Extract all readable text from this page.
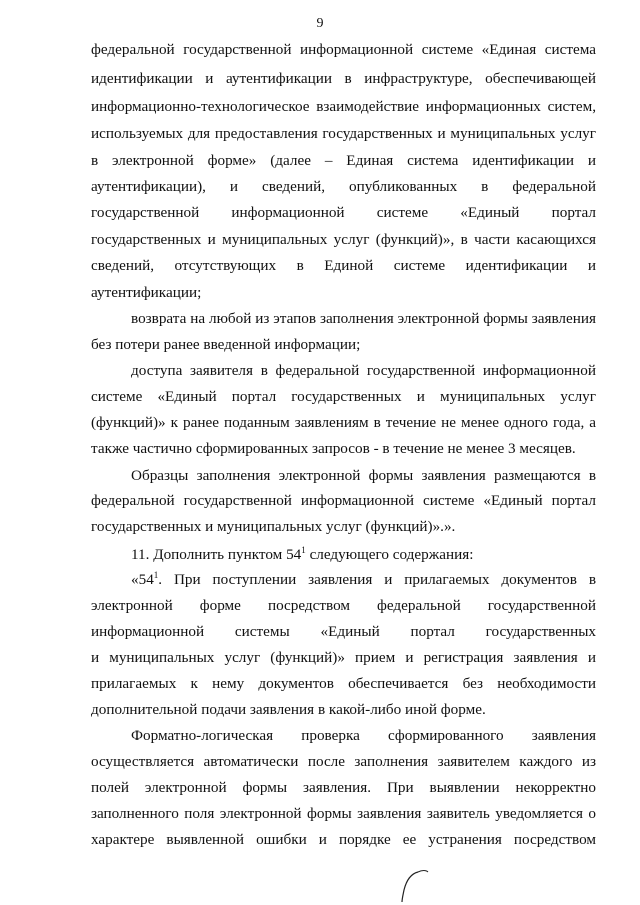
9
федеральной государственной информационной системе «Единая система
идентификации и аутентификации в инфраструктуре, обеспечивающей
информационно-технологическое взаимодействие информационных систем,
используемых для предоставления государственных и муниципальных услуг
в электронной форме» (далее – Единая система идентификации и
аутентификации), и сведений, опубликованных в федеральной
государственной информационной системе «Единый портал
государственных и муниципальных услуг (функций)», в части касающихся
сведений, отсутствующих в Единой системе идентификации и
аутентификации;
возврата на любой из этапов заполнения электронной формы заявления
без потери ранее введенной информации;
доступа заявителя в федеральной государственной информационной
системе «Единый портал государственных и муниципальных услуг
(функций)» к ранее поданным заявлениям в течение не менее одного года, а
также частично сформированных запросов - в течение не менее 3 месяцев.
Образцы заполнения электронной формы заявления размещаются в
федеральной государственной информационной системе «Единый портал
государственных и муниципальных услуг (функций)».».
11. Дополнить пунктом $54^1$ следующего содержания:
«$54^1$. При поступлении заявления и прилагаемых документов в
электронной форме посредством федеральной государственной
информационной системы «Единый портал государственных
и муниципальных услуг (функций)» прием и регистрация заявления и
прилагаемых к нему документов обеспечивается без необходимости
дополнительной подачи заявления в какой-либо иной форме.
Форматно-логическая проверка сформированного заявления
осуществляется автоматически после заполнения заявителем каждого из
полей электронной формы заявления. При выявлении некорректно
заполненного поля электронной формы заявления заявитель уведомляется о
характере выявленной ошибки и порядке ее устранения посредством
